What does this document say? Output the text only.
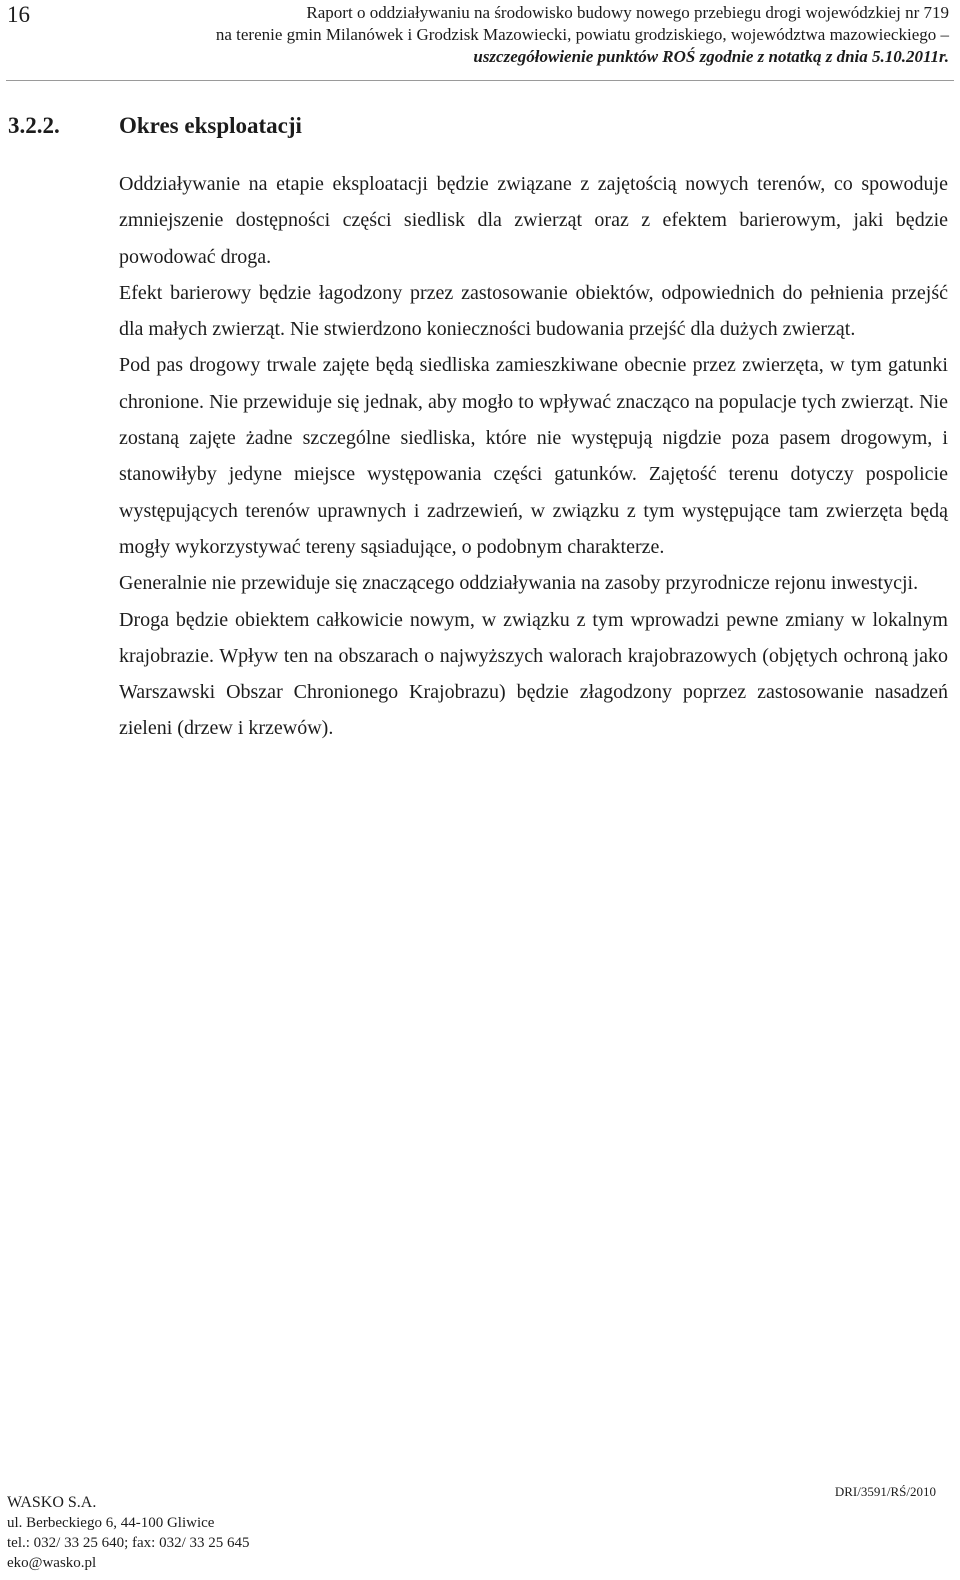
16	Raport o oddziaływaniu na środowisko budowy nowego przebiegu drogi wojewódzkiej nr 719
na terenie gmin Milanówek i Grodzisk Mazowiecki, powiatu grodziskiego, województwa mazowieckiego –
uszczegółowienie punktów ROŚ zgodnie z notatką z dnia 5.10.2011r.
3.2.2.	Okres eksploatacji

Oddziaływanie na etapie eksploatacji będzie związane z zajętością nowych terenów, co spowoduje zmniejszenie dostępności części siedlisk dla zwierząt oraz z efektem barierowym, jaki będzie powodować droga.

Efekt barierowy będzie łagodzony przez zastosowanie obiektów, odpowiednich do pełnienia przejść dla małych zwierząt. Nie stwierdzono konieczności budowania przejść dla dużych zwierząt.

Pod pas drogowy trwale zajęte będą siedliska zamieszkiwane obecnie przez zwierzęta, w tym gatunki chronione. Nie przewiduje się jednak, aby mogło to wpływać znacząco na populacje tych zwierząt. Nie zostaną zajęte żadne szczególne siedliska, które nie występują nigdzie poza pasem drogowym, i stanowiłyby jedyne miejsce występowania części gatunków. Zajętość terenu dotyczy pospolicie występujących terenów uprawnych i zadrzewień, w związku z tym występujące tam zwierzęta będą mogły wykorzystywać tereny sąsiadujące, o podobnym charakterze.

Generalnie nie przewiduje się znaczącego oddziaływania na zasoby przyrodnicze rejonu inwestycji.

Droga będzie obiektem całkowicie nowym, w związku z tym wprowadzi pewne zmiany w lokalnym krajobrazie. Wpływ ten na obszarach o najwyższych walorach krajobrazowych (objętych ochroną jako Warszawski Obszar Chronionego Krajobrazu) będzie złagodzony poprzez zastosowanie nasadzeń zieleni (drzew i krzewów).

WASKO S.A.
ul. Berbeckiego 6, 44-100 Gliwice
tel.: 032/ 33 25 640; fax: 032/ 33 25 645
eko@wasko.pl
DRI/3591/RŚ/2010
